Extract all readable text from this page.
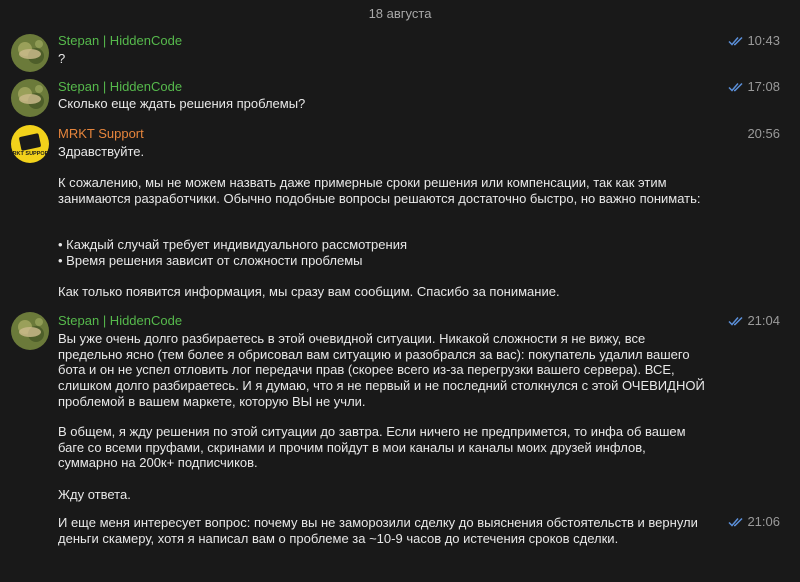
18 августа
Stepan | HiddenCode	10:43
?
Stepan | HiddenCode	17:08
Сколько еще ждать решения проблемы?
MRKT SUPPORT
MRKT Support	20:56
Здравствуйте.
К сожалению, мы не можем назвать даже примерные сроки решения или компенсации, так как этим занимаются разработчики. Обычно подобные вопросы решаются достаточно быстро, но важно понимать:
• Каждый случай требует индивидуального рассмотрения
• Время решения зависит от сложности проблемы
Как только появится информация, мы сразу вам сообщим. Спасибо за понимание.
Stepan | HiddenCode	21:04
Вы уже очень долго разбираетесь в этой очевидной ситуации. Никакой сложности я не вижу, все предельно ясно (тем более я обрисовал вам ситуацию и разобрался за вас): покупатель удалил вашего бота и он не успел отловить лог передачи прав (скорее всего из-за перегрузки вашего сервера). ВСЕ, слишком долго разбираетесь. И я думаю, что я не первый и не последний столкнулся с этой ОЧЕВИДНОЙ проблемой в вашем маркете, которую ВЫ не учли.
В общем, я жду решения по этой ситуации до завтра. Если ничего не предпримется, то инфа об вашем баге со всеми пруфами, скринами и прочим пойдут в мои каналы и каналы моих друзей инфлов, суммарно на 200к+ подписчиков.
Жду ответа.
21:06
И еще меня интересует вопрос: почему вы не заморозили сделку до выяснения обстоятельств и вернули деньги скамеру, хотя я написал вам о проблеме за ~10-9 часов до истечения сроков сделки.
